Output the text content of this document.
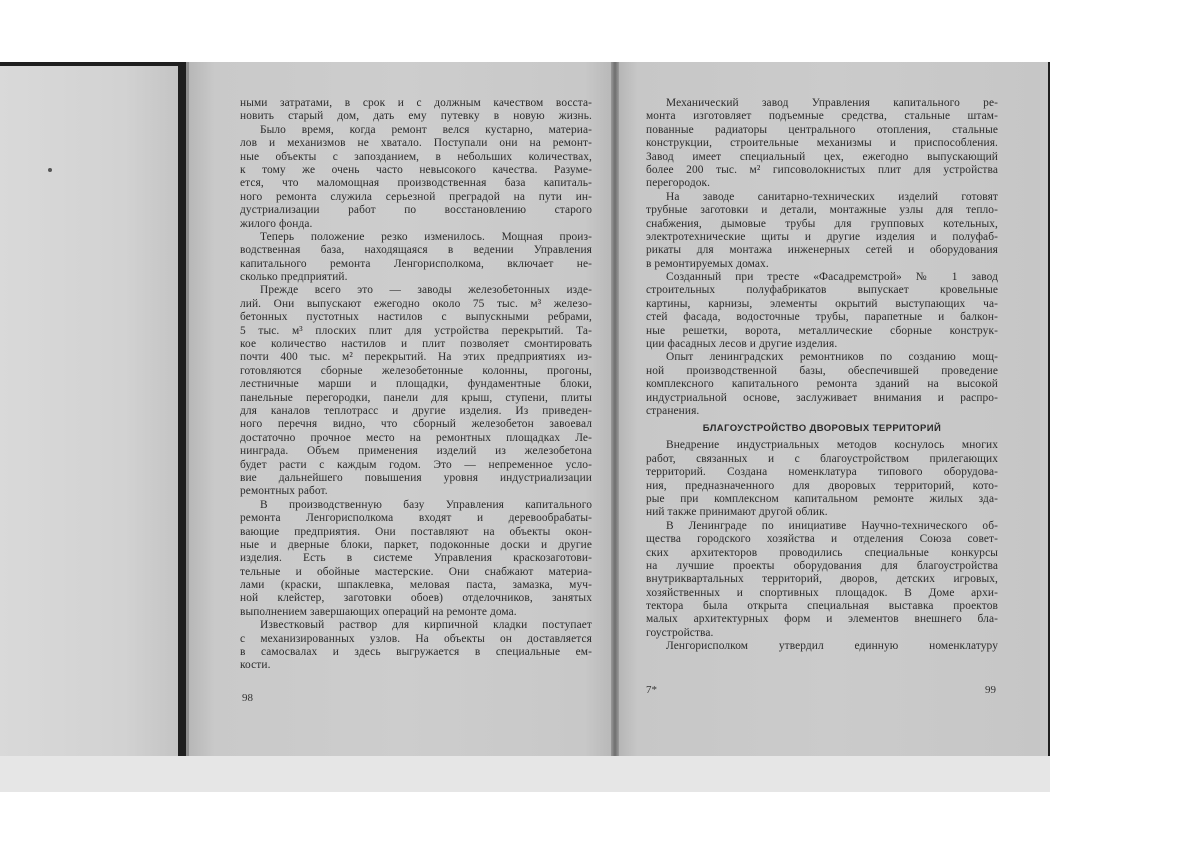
ными затратами, в срок и с должным качеством восста-
новить старый дом, дать ему путевку в новую жизнь.
Было время, когда ремонт велся кустарно, материа-
лов и механизмов не хватало. Поступали они на ремонт-
ные объекты с запозданием, в небольших количествах,
к тому же очень часто невысокого качества. Разуме-
ется, что маломощная производственная база капиталь-
ного ремонта служила серьезной преградой на пути ин-
дустриализации работ по восстановлению старого
жилого фонда.
Теперь положение резко изменилось. Мощная произ-
водственная база, находящаяся в ведении Управления
капитального ремонта Ленгорисполкома, включает не-
сколько предприятий.
Прежде всего это — заводы железобетонных изде-
лий. Они выпускают ежегодно около 75 тыс. м³ железо-
бетонных пустотных настилов с выпускными ребрами,
5 тыс. м³ плоских плит для устройства перекрытий. Та-
кое количество настилов и плит позволяет смонтировать
почти 400 тыс. м² перекрытий. На этих предприятиях из-
готовляются сборные железобетонные колонны, прогоны,
лестничные марши и площадки, фундаментные блоки,
панельные перегородки, панели для крыш, ступени, плиты
для каналов теплотрасс и другие изделия. Из приведен-
ного перечня видно, что сборный железобетон завоевал
достаточно прочное место на ремонтных площадках Ле-
нинграда. Объем применения изделий из железобетона
будет расти с каждым годом. Это — непременное усло-
вие дальнейшего повышения уровня индустриализации
ремонтных работ.
В производственную базу Управления капитального
ремонта Ленгорисполкома входят и деревообрабаты-
вающие предприятия. Они поставляют на объекты окон-
ные и дверные блоки, паркет, подоконные доски и другие
изделия. Есть в системе Управления краскозаготови-
тельные и обойные мастерские. Они снабжают материа-
лами (краски, шпаклевка, меловая паста, замазка, муч-
ной клейстер, заготовки обоев) отделочников, занятых
выполнением завершающих операций на ремонте дома.
Известковый раствор для кирпичной кладки поступает
с механизированных узлов. На объекты он доставляется
в самосвалах и здесь выгружается в специальные ем-
кости.
98
Механический завод Управления капитального ре-
монта изготовляет подъемные средства, стальные штам-
пованные радиаторы центрального отопления, стальные
конструкции, строительные механизмы и приспособления.
Завод имеет специальный цех, ежегодно выпускающий
более 200 тыс. м² гипсоволокнистых плит для устройства
перегородок.
На заводе санитарно-технических изделий готовят
трубные заготовки и детали, монтажные узлы для тепло-
снабжения, дымовые трубы для групповых котельных,
электротехнические щиты и другие изделия и полуфаб-
рикаты для монтажа инженерных сетей и оборудования
в ремонтируемых домах.
Созданный при тресте «Фасадремстрой» № 1 завод
строительных полуфабрикатов выпускает кровельные
картины, карнизы, элементы окрытий выступающих ча-
стей фасада, водосточные трубы, парапетные и балкон-
ные решетки, ворота, металлические сборные конструк-
ции фасадных лесов и другие изделия.
Опыт ленинградских ремонтников по созданию мощ-
ной производственной базы, обеспечившей проведение
комплексного капитального ремонта зданий на высокой
индустриальной основе, заслуживает внимания и распро-
странения.
БЛАГОУСТРОЙСТВО ДВОРОВЫХ ТЕРРИТОРИЙ
Внедрение индустриальных методов коснулось многих
работ, связанных и с благоустройством прилегающих
территорий. Создана номенклатура типового оборудова-
ния, предназначенного для дворовых территорий, кото-
рые при комплексном капитальном ремонте жилых зда-
ний также принимают другой облик.
В Ленинграде по инициативе Научно-технического об-
щества городского хозяйства и отделения Союза совет-
ских архитекторов проводились специальные конкурсы
на лучшие проекты оборудования для благоустройства
внутриквартальных территорий, дворов, детских игровых,
хозяйственных и спортивных площадок. В Доме архи-
тектора была открыта специальная выставка проектов
малых архитектурных форм и элементов внешнего бла-
гоустройства.
Ленгорисполком утвердил единную номенклатуру
7*	99
